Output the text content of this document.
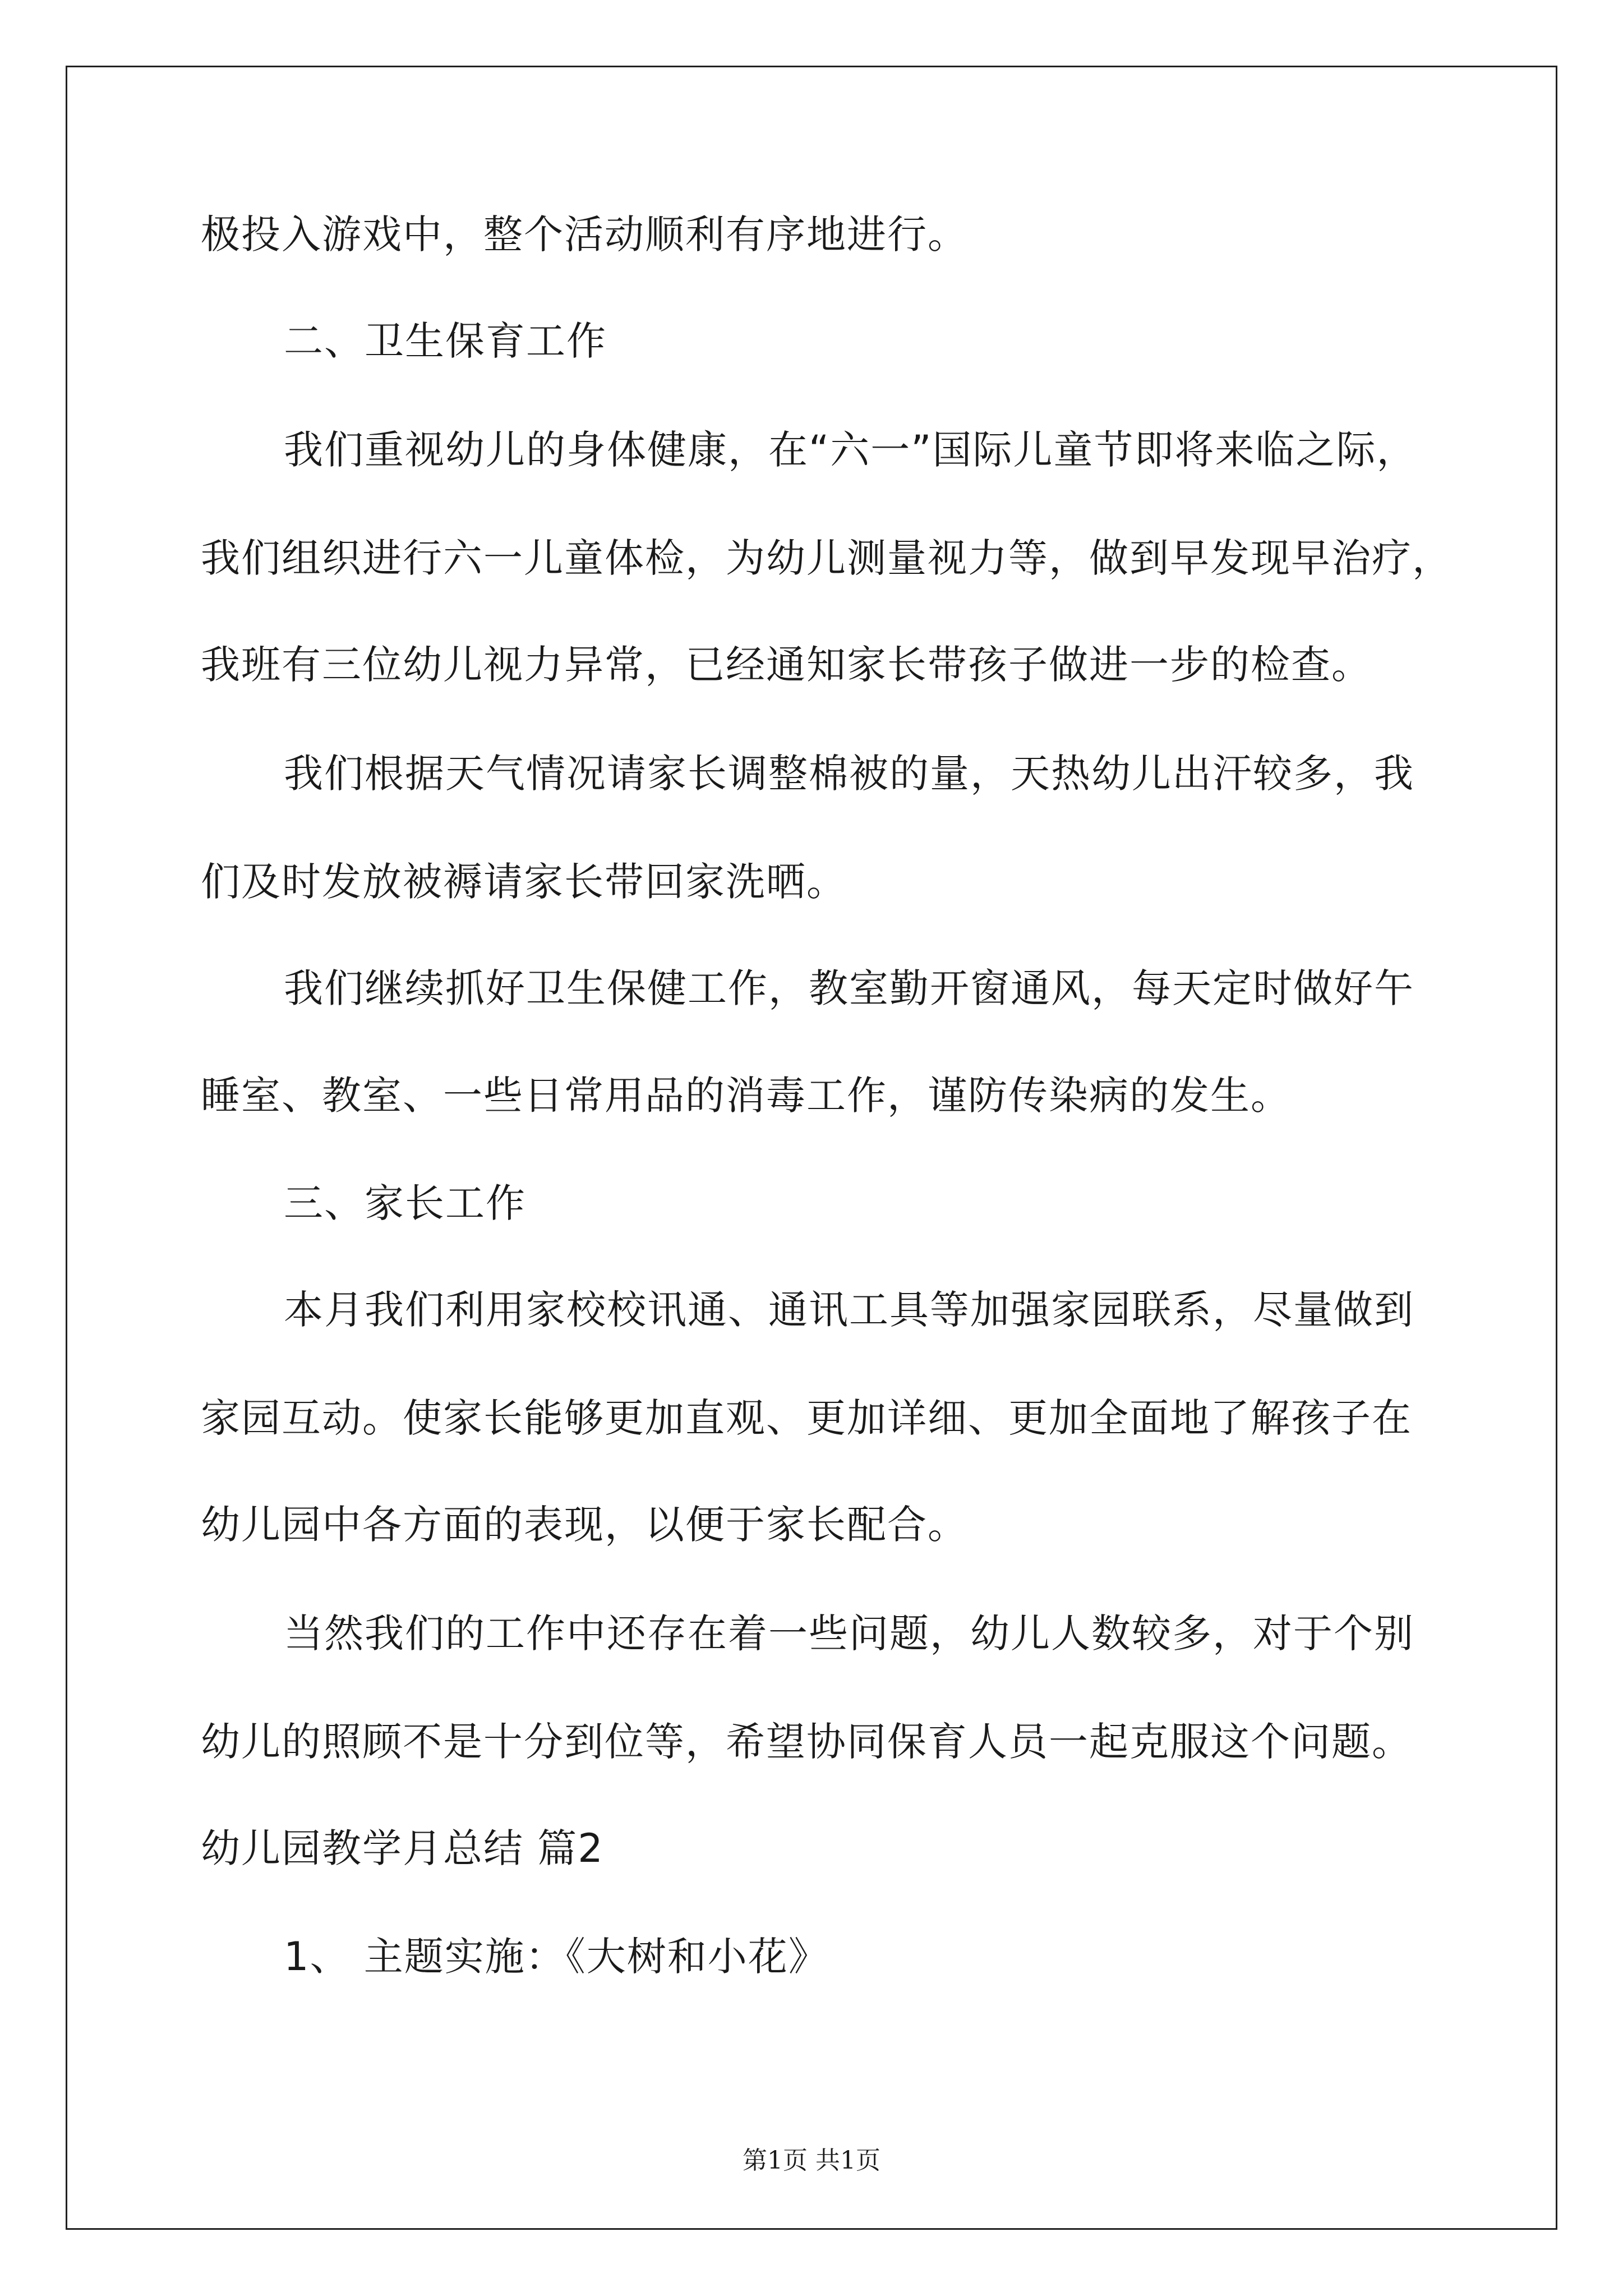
极投入游戏中，整个活动顺利有序地进行。
二、卫生保育工作
我们重视幼儿的身体健康，在“六一”国际儿童节即将来临之际，
我们组织进行六一儿童体检，为幼儿测量视力等，做到早发现早治疗，
我班有三位幼儿视力异常，已经通知家长带孩子做进一步的检查。
我们根据天气情况请家长调整棉被的量，天热幼儿出汗较多，我
们及时发放被褥请家长带回家洗晒。
我们继续抓好卫生保健工作，教室勤开窗通风，每天定时做好午
睡室、教室、一些日常用品的消毒工作，谨防传染病的发生。
三、家长工作
本月我们利用家校校讯通、通讯工具等加强家园联系，尽量做到
家园互动。使家长能够更加直观、更加详细、更加全面地了解孩子在
幼儿园中各方面的表现，以便于家长配合。
当然我们的工作中还存在着一些问题，幼儿人数较多，对于个别
幼儿的照顾不是十分到位等，希望协同保育人员一起克服这个问题。
幼儿园教学月总结 篇2
1、 主题实施：《大树和小花》
第1页 共1页
